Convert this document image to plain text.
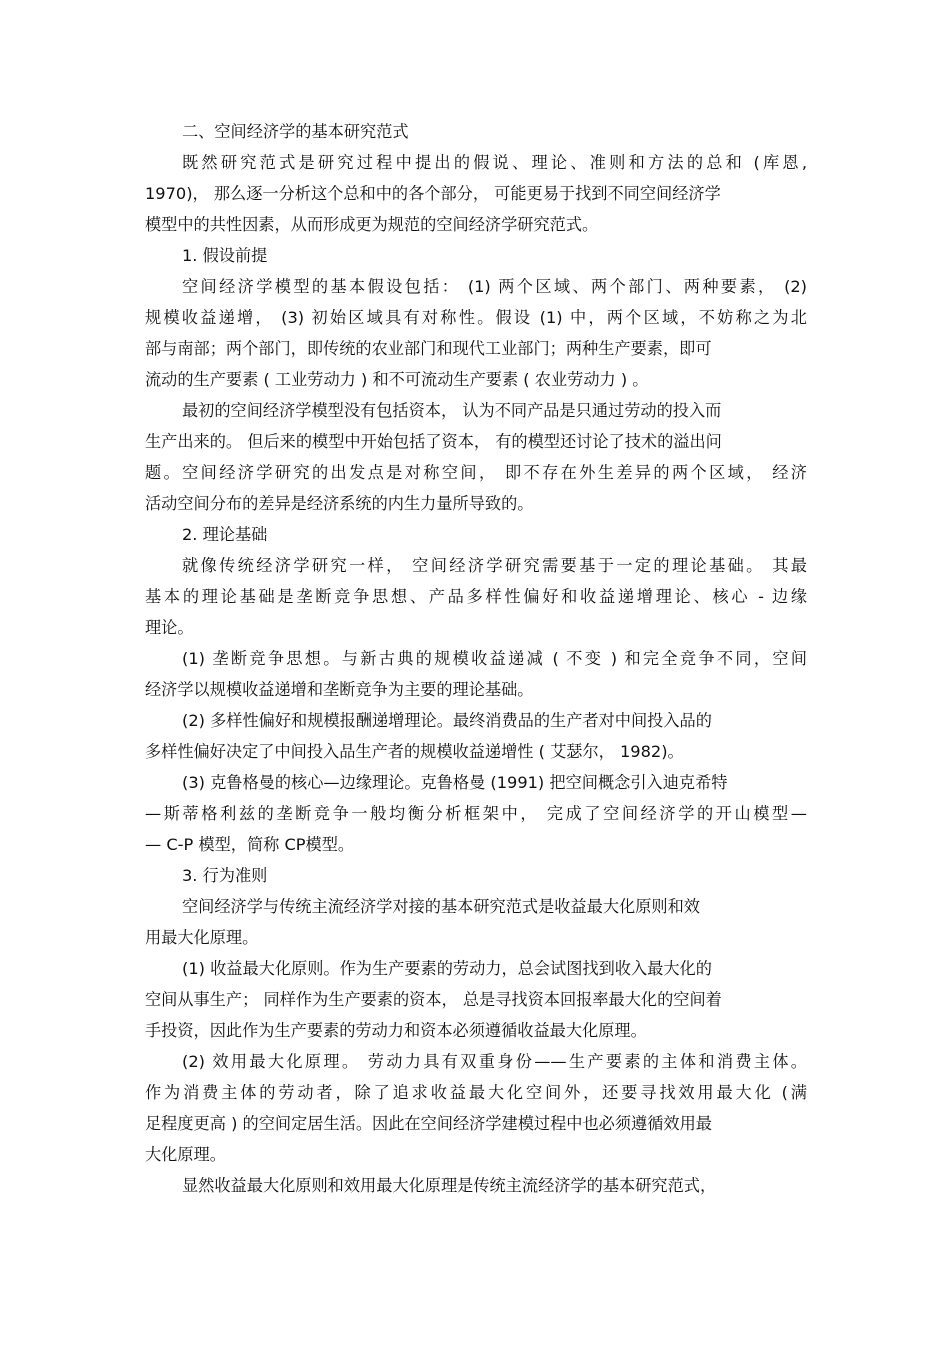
二、空间经济学的基本研究范式
既然研究范式是研究过程中提出的假说、理论、准则和方法的总和 (库恩,
1970)， 那么逐一分析这个总和中的各个部分， 可能更易于找到不同空间经济学
模型中的共性因素，从而形成更为规范的空间经济学研究范式。
1. 假设前提
空间经济学模型的基本假设包括： (1) 两个区域、两个部门、两种要素， (2)
规模收益递增， (3) 初始区域具有对称性。假设 (1) 中，两个区域，不妨称之为北
部与南部；两个部门，即传统的农业部门和现代工业部门；两种生产要素，即可
流动的生产要素 ( 工业劳动力 ) 和不可流动生产要素 ( 农业劳动力 ) 。
最初的空间经济学模型没有包括资本， 认为不同产品是只通过劳动的投入而
生产出来的。 但后来的模型中开始包括了资本， 有的模型还讨论了技术的溢出问
题。空间经济学研究的出发点是对称空间， 即不存在外生差异的两个区域， 经济
活动空间分布的差异是经济系统的内生力量所导致的。
2. 理论基础
就像传统经济学研究一样， 空间经济学研究需要基于一定的理论基础。 其最
基本的理论基础是垄断竞争思想、产品多样性偏好和收益递增理论、核心 - 边缘
理论。
(1) 垄断竞争思想。与新古典的规模收益递减 ( 不变 ) 和完全竞争不同，空间
经济学以规模收益递增和垄断竞争为主要的理论基础。
(2) 多样性偏好和规模报酬递增理论。最终消费品的生产者对中间投入品的
多样性偏好决定了中间投入品生产者的规模收益递增性 ( 艾瑟尔， 1982)。
(3) 克鲁格曼的核心—边缘理论。克鲁格曼 (1991) 把空间概念引入迪克希特
—斯蒂格利兹的垄断竞争一般均衡分析框架中， 完成了空间经济学的开山模型—
— C-P 模型，简称 CP模型。
3. 行为准则
空间经济学与传统主流经济学对接的基本研究范式是收益最大化原则和效
用最大化原理。
(1) 收益最大化原则。作为生产要素的劳动力，总会试图找到收入最大化的
空间从事生产； 同样作为生产要素的资本， 总是寻找资本回报率最大化的空间着
手投资，因此作为生产要素的劳动力和资本必须遵循收益最大化原理。
(2) 效用最大化原理。 劳动力具有双重身份——生产要素的主体和消费主体。
作为消费主体的劳动者，除了追求收益最大化空间外，还要寻找效用最大化 (满
足程度更高 ) 的空间定居生活。因此在空间经济学建模过程中也必须遵循效用最
大化原理。
显然收益最大化原则和效用最大化原理是传统主流经济学的基本研究范式，
